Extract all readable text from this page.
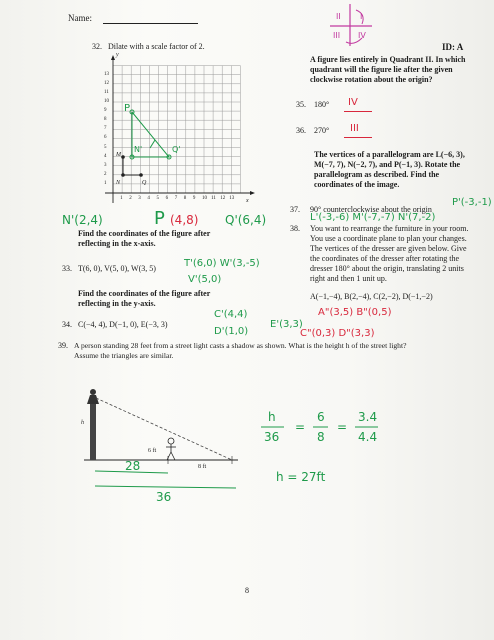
Name:
ID: A
II I
III IV
32. Dilate with a scale factor of 2.
y
x
M
N	Q
P
N'	Q'
N'(2,4)	P (4,8) Q'(6,4)
Find the coordinates of the figure after
reflecting in the x-axis.
33. T(6, 0), V(5, 0), W(3, 5)	T'(6,0) W'(3,-5)
V'(5,0)
Find the coordinates of the figure after
reflecting in the y-axis.
34. C(−4, 4), D(−1, 0), E(−3, 3)
C'(4,4)
D'(1,0)
E'(3,3)
A figure lies entirely in Quadrant II. In which
quadrant will the figure lie after the given
clockwise rotation about the origin?
35. 180° IV
36. 270° III
The vertices of a parallelogram are L(−6, 3),
M(−7, 7), N(−2, 7), and P(−1, 3). Rotate the
parallelogram as described. Find the
coordinates of the image.
37. 90° counterclockwise about the origin
P'(-3,-1)
L'(-3,-6) M'(-7,-7) N'(7,-2)
38. You want to rearrange the furniture in your room.
You use a coordinate plane to plan your changes.
The vertices of the dresser are given below. Give
the coordinates of the dresser after rotating the
dresser 180° about the origin, translating 2 units
right and then 1 unit up.
A(−1,−4), B(2,−4), C(2,−2), D(−1,−2)
A"(3,5) B"(0,5)
C"(0,3) D"(3,3)
39. A person standing 28 feet from a street light casts a shadow as shown. What is the height h of the street light?
Assume the triangles are similar.
h
6 ft
8 ft
28
36
h
36
=
6
8
=
3.4
4.4
h = 27ft
8
13
12
11
10
9
8
7
6
5
4
3
2
1
1 2 3 4 5 6 7 8 9 10 11 12 13
